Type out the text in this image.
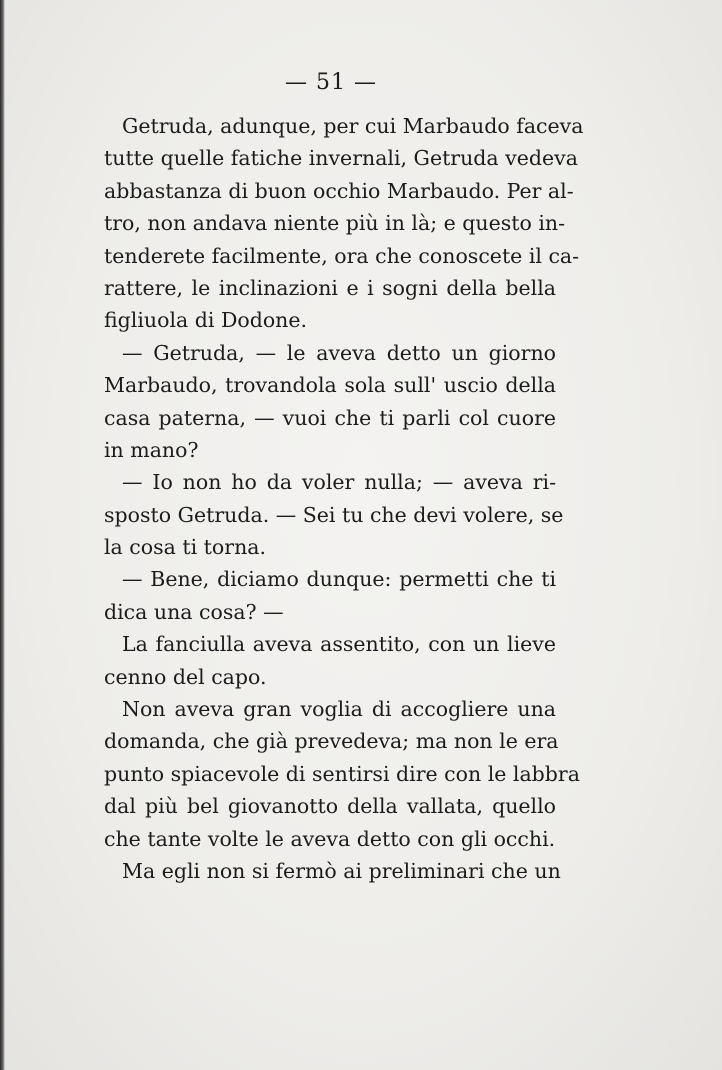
— 51 —
Getruda, adunque, per cui Marbaudo faceva
tutte quelle fatiche invernali, Getruda vedeva
abbastanza di buon occhio Marbaudo. Per al-
tro, non andava niente più in là; e questo in-
tenderete facilmente, ora che conoscete il ca-
rattere, le inclinazioni e i sogni della bella
figliuola di Dodone.
— Getruda, — le aveva detto un giorno
Marbaudo, trovandola sola sull' uscio della
casa paterna, — vuoi che ti parli col cuore
in mano?
— Io non ho da voler nulla; — aveva ri-
sposto Getruda. — Sei tu che devi volere, se
la cosa ti torna.
— Bene, diciamo dunque: permetti che ti
dica una cosa? —
La fanciulla aveva assentito, con un lieve
cenno del capo.
Non aveva gran voglia di accogliere una
domanda, che già prevedeva; ma non le era
punto spiacevole di sentirsi dire con le labbra
dal più bel giovanotto della vallata, quello
che tante volte le aveva detto con gli occhi.
Ma egli non si fermò ai preliminari che un
